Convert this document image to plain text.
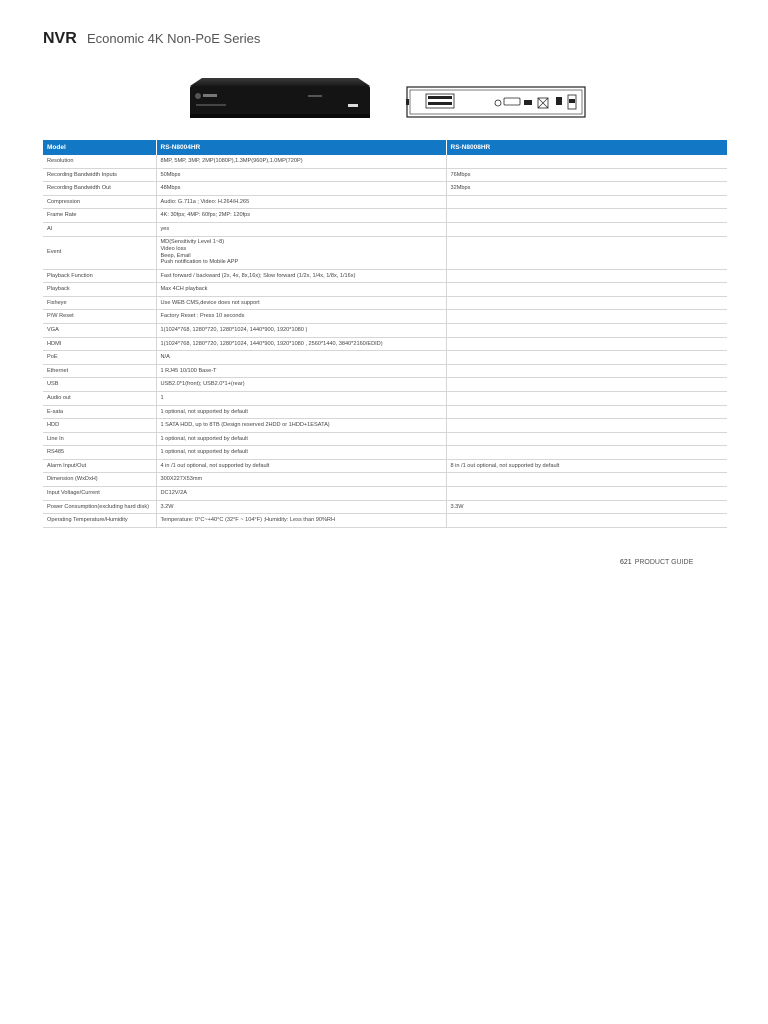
NVR Economic 4K Non-PoE Series
Model	RS-N8004HR	RS-N8008HR
Resolution	8MP, 5MP, 3MP, 2MP(1080P),1.3MP(960P),1.0MP(720P)	
Recording Bandwidth Inputs	50Mbps	76Mbps
Recording Bandwidth Out	48Mbps	32Mbps
Compression	Audio: G.711a ; Video: H.264/H.265	
Frame Rate	4K: 30fps; 4MP: 60fps; 2MP: 120fps	
AI	yes	
Event	MD(Sensitivity Level 1~8)
Video loss
Beep, Email
Push notification to Mobile APP	
Playback Function	Fast forward / backward (2x, 4x, 8x,16x); Slow forward (1/2x, 1/4x, 1/8x, 1/16x)	
Playback	Max 4CH playback	
Fisheye	Use WEB CMS,device does not support	
P/W Reset	Factory Reset : Press 10 seconds	
VGA	1(1024*768, 1280*720, 1280*1024, 1440*900, 1920*1080 )	
HDMI	1(1024*768, 1280*720, 1280*1024, 1440*900, 1920*1080 , 2560*1440, 3840*2160/EDID)	
PoE	N/A	
Ethernet	1 RJ45 10/100 Base-T	
USB	USB2.0*1(front); USB2.0*1+(rear)	
Audio out	1	
E-sata	1 optional, not supported by default	
HDD	1 SATA HDD, up to 8TB (Design reserved 2HDD or 1HDD+1ESATA)	
Line In	1 optional, not supported by default	
RS485	1 optional, not supported by default	
Alarm Input/Out	4 in /1 out optional, not supported by default	8 in /1 out optional, not supported by default
Dimension (WxDxH)	300X227X53mm	
Input Voltage/Current	DC12V/2A	
Power Consumption(excluding hard disk)	3.2W	3.3W
Operating Temperature/Humidity	Temperature: 0°C~+40°C (32°F ~ 104°F) ;Humidity: Less than 90%RH	
621 PRODUCT GUIDE
